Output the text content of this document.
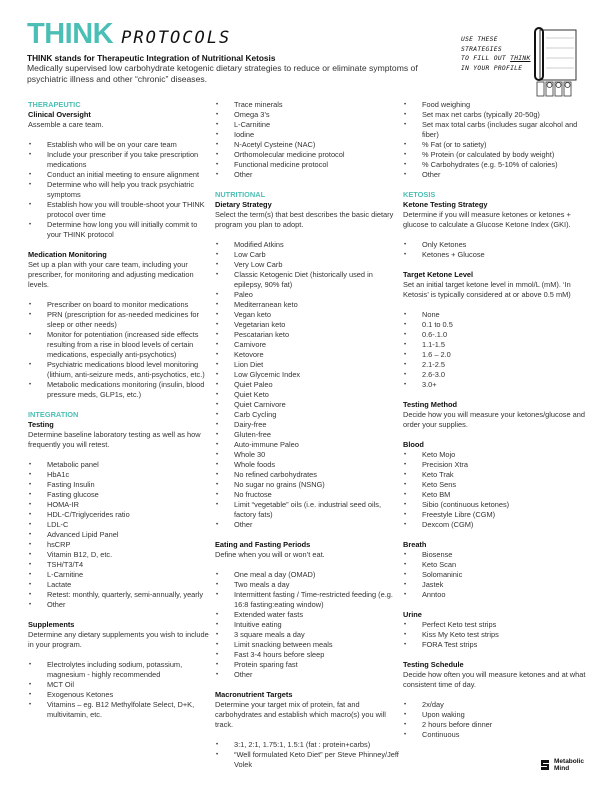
THINK PROTOCOLS
THINK stands for Therapeutic Integration of Nutritional Ketosis
Medically supervised low carbohydrate ketogenic dietary strategies to reduce or eliminate symptoms of psychiatric illness and other “chronic” diseases.
USE THESE
STRATEGIES
TO FILL OUT THINK
IN YOUR PROFILE
THERAPEUTIC
Clinical Oversight
Assemble a care team.
• Establish who will be on your care team
• Include your prescriber if you take prescription medications
• Conduct an initial meeting to ensure alignment
• Determine who will help you track psychiatric symptoms
• Establish how you will trouble-shoot your THINK protocol over time
• Determine how long you will initially commit to your THINK protocol
Medication Monitoring
Set up a plan with your care team, including your prescriber, for monitoring and adjusting medication levels.
• Prescriber on board to monitor medications
• PRN (prescription for as-needed medicines for sleep or other needs)
• Monitor for potentiation (increased side effects resulting from a rise in blood levels of certain medications, especially anti-psychotics)
• Psychiatric medications blood level monitoring (lithium, anti-seizure meds, anti-psychotics, etc.)
• Metabolic medications monitoring (insulin, blood pressure meds, GLP1s, etc.)
INTEGRATION
Testing
Determine baseline laboratory testing as well as how frequently you will retest.
• Metabolic panel
• HbA1c
• Fasting Insulin
• Fasting glucose
• HOMA-IR
• HDL-C/Triglycerides ratio
• LDL-C
• Advanced Lipid Panel
• hsCRP
• Vitamin B12, D, etc.
• TSH/T3/T4
• L-Carnitine
• Lactate
• Retest: monthly, quarterly, semi-annually, yearly
• Other
Supplements
Determine any dietary supplements you wish to include in your program.
• Electrolytes including sodium, potassium, magnesium - highly recommended
• MCT Oil
• Exogenous Ketones
• Vitamins – eg. B12 Methylfolate Select, D+K, multivitamin, etc.
• Trace minerals
• Omega 3’s
• L-Carnitine
• Iodine
• N-Acetyl Cysteine (NAC)
• Orthomolecular medicine protocol
• Functional medicine protocol
• Other
NUTRITIONAL
Dietary Strategy
Select the term(s) that best describes the basic dietary program you plan to adopt.
• Modified Atkins
• Low Carb
• Very Low Carb
• Classic Ketogenic Diet (historically used in epilepsy, 90% fat)
• Paleo
• Mediterranean keto
• Vegan keto
• Vegetarian keto
• Pescatarian keto
• Carnivore
• Ketovore
• Lion Diet
• Low Glycemic Index
• Quiet Paleo
• Quiet Keto
• Quiet Carnivore
• Carb Cycling
• Dairy-free
• Gluten-free
• Auto-immune Paleo
• Whole 30
• Whole foods
• No refined carbohydrates
• No sugar no grains (NSNG)
• No fructose
• Limit “vegetable” oils (i.e. industrial seed oils, factory fats)
• Other
Eating and Fasting Periods
Define when you will or won’t eat.
• One meal a day (OMAD)
• Two meals a day
• Intermittent fasting / Time-restricted feeding (e.g. 16:8 fasting:eating window)
• Extended water fasts
• Intuitive eating
• 3 square meals a day
• Limit snacking between meals
• Fast 3-4 hours before sleep
• Protein sparing fast
• Other
Macronutrient Targets
Determine your target mix of protein, fat and carbohydrates and establish which macro(s) you will track.
• 3:1, 2:1, 1.75:1, 1.5:1 (fat : protein+carbs)
• “Well formulated Keto Diet” per Steve Phinney/Jeff Volek
• Food weighing
• Set max net carbs (typically 20-50g)
• Set max total carbs (includes sugar alcohol and fiber)
• % Fat (or to satiety)
• % Protein (or calculated by body weight)
• % Carbohydrates (e.g. 5-10% of calories)
• Other
KETOSIS
Ketone Testing Strategy
Determine if you will measure ketones or ketones + glucose to calculate a Glucose Ketone Index (GKI).
• Only Ketones
• Ketones + Glucose
Target Ketone Level
Set an initial target ketone level in mmol/L (mM). ‘In Ketosis’ is typically considered at or above 0.5 mM)
• None
• 0.1 to 0.5
• 0.6-.1.0
• 1.1-1.5
• 1.6 – 2.0
• 2.1-2.5
• 2.6-3.0
• 3.0+
Testing Method
Decide how you will measure your ketones/glucose and order your supplies.
Blood
• Keto Mojo
• Precision Xtra
• Keto Trak
• Keto Sens
• Keto BM
• Sibio (continuous ketones)
• Freestyle Libre (CGM)
• Dexcom (CGM)
Breath
• Biosense
• Keto Scan
• Solomaninic
• Jastek
• Anntoo
Urine
• Perfect Keto test strips
• Kiss My Keto test strips
• FORA Test strips
Testing Schedule
Decide how often you will measure ketones and at what consistent time of day.
• 2x/day
• Upon waking
• 2 hours before dinner
• Continuous
Metabolic
Mind
